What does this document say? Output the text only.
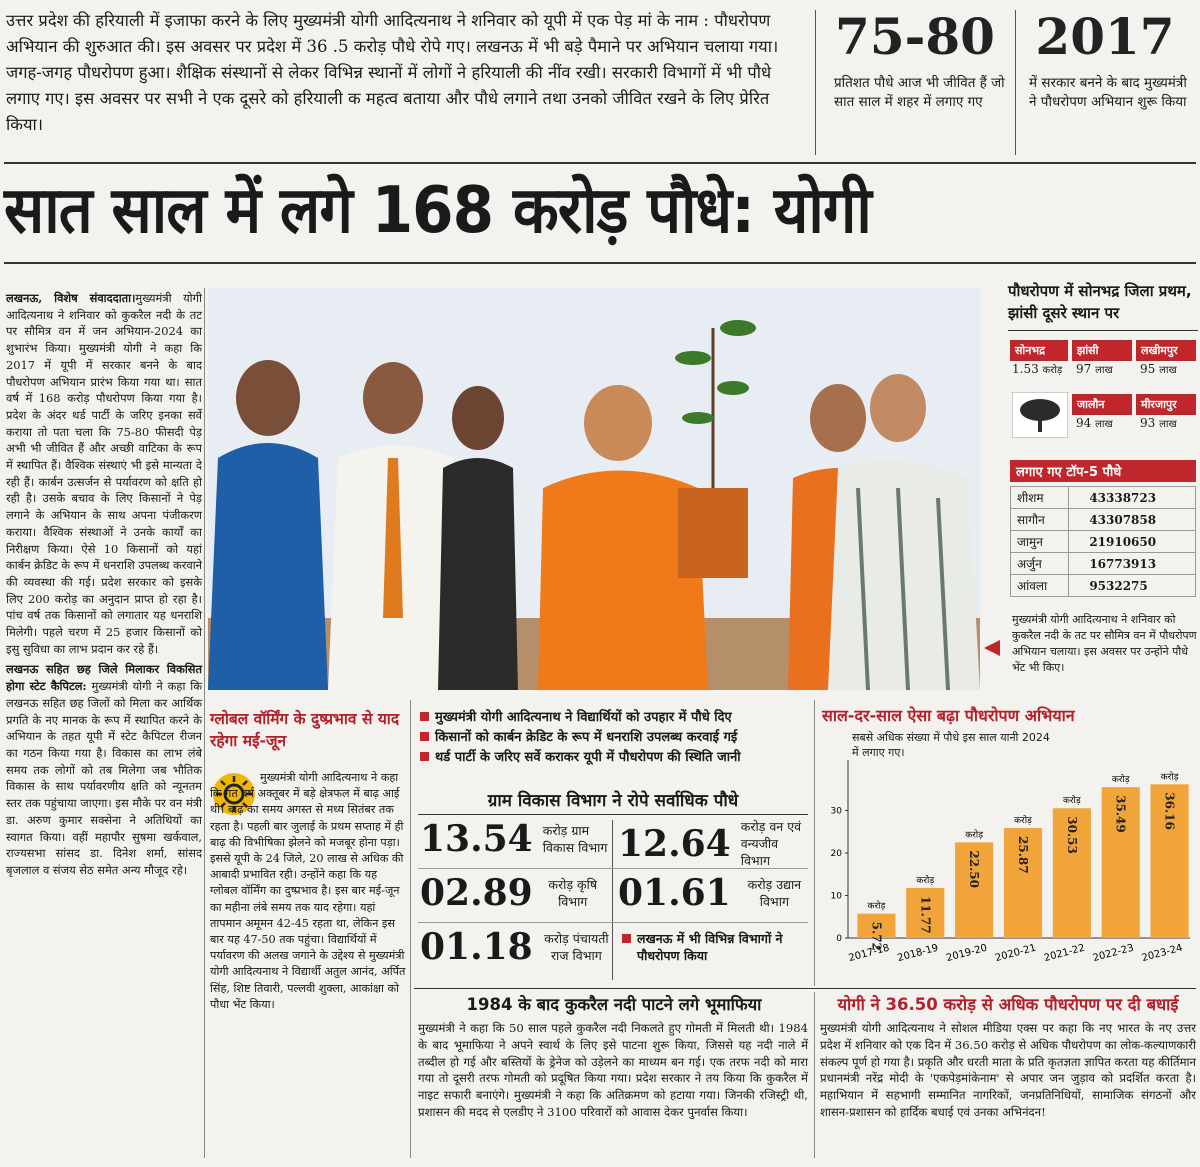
उत्तर प्रदेश की हरियाली में इजाफा करने के लिए मुख्यमंत्री योगी आदित्यनाथ ने शनिवार को यूपी में एक पेड़ मां के नाम : पौधरोपण अभियान की शुरुआत की। इस अवसर पर प्रदेश में 36 .5 करोड़ पौधे रोपे गए। लखनऊ में भी बड़े पैमाने पर अभियान चलाया गया। जगह-जगह पौधरोपण हुआ। शैक्षिक संस्थानों से लेकर विभिन्न स्थानों में लोगों ने हरियाली की नींव रखी। सरकारी विभागों में भी पौधे लगाए गए। इस अवसर पर सभी ने एक दूसरे को हरियाली क महत्व बताया और पौधे लगाने तथा उनको जीवित रखने के लिए प्रेरित किया।
75-80
प्रतिशत पौधे आज भी जीवित हैं जो सात साल में शहर में लगाए गए
2017
में सरकार बनने के बाद मुख्यमंत्री ने पौधरोपण अभियान शुरू किया
सात साल में लगे 168 करोड़ पौधे: योगी

लखनऊ, विशेष संवाददाता।मुख्यमंत्री योगी आदित्यनाथ ने शनिवार को कुकरैल नदी के तट पर सौमित्र वन में जन अभियान-2024 का शुभारंभ किया। मुख्यमंत्री योगी ने कहा कि 2017 में यूपी में सरकार बनने के बाद पौधरोपण अभियान प्रारंभ किया गया था। सात वर्ष में 168 करोड़ पौधरोपण किया गया है। प्रदेश के अंदर थर्ड पार्टी के जरिए इनका सर्वे कराया तो पता चला कि 75-80 फीसदी पेड़ अभी भी जीवित हैं और अच्छी वाटिका के रूप में स्थापित हैं। वैश्विक संस्थाएं भी इसे मान्यता दे रही हैं। कार्बन उत्सर्जन से पर्यावरण को क्षति हो रही है। उसके बचाव के लिए किसानों ने पेड़ लगाने के अभियान के साथ अपना पंजीकरण कराया। वैश्विक संस्थाओं ने उनके कार्यों का निरीक्षण किया। ऐसे 10 किसानों को यहां कार्बन क्रेडिट के रूप में धनराशि उपलब्ध करवाने की व्यवस्था की गई। प्रदेश सरकार को इसके लिए 200 करोड़ का अनुदान प्राप्त हो रहा है। पांच वर्ष तक किसानों को लगातार यह धनराशि मिलेगी। पहले चरण में 25 हजार किसानों को इसु सुविधा का लाभ प्रदान कर रहे हैं।

लखनऊ सहित छह जिले मिलाकर विकसित होगा स्टेट कैपिटल: मुख्यमंत्री योगी ने कहा कि लखनऊ सहित छह जिलों को मिला कर आर्थिक प्रगति के नए मानक के रूप में स्थापित करने के अभियान के तहत यूपी में स्टेट कैपिटल रीजन का गठन किया गया है। विकास का लाभ लंबे समय तक लोगों को तब मिलेगा जब भौतिक विकास के साथ पर्यावरणीय क्षति को न्यूनतम स्तर तक पहुंचाया जाएगा। इस मौके पर वन मंत्री डा. अरुण कुमार सक्सेना ने अतिथियों का स्वागत किया। वहीं महापौर सुषमा खर्कवाल, राज्यसभा सांसद डा. दिनेश शर्मा, सांसद बृजलाल व संजय सेठ समेत अन्य मौजूद रहे।

पौधरोपण में सोनभद्र जिला प्रथम, झांसी दूसरे स्थान पर
सोनभद्र
1.53 करोड़
झांसी
97 लाख
लखीमपुर
95 लाख
जालौन
94 लाख
मीरजापुर
93 लाख
लगाए गए टॉप-5 पौधे
शीशम	43338723
सागौन	43307858
जामुन	21910650
अर्जुन	16773913
आंवला	9532275
मुख्यमंत्री योगी आदित्यनाथ ने शनिवार को कुकरैल नदी के तट पर सौमित्र वन में पौधरोपण अभियान चलाया। इस अवसर पर उन्होंने पौधे भेंट भी किए।
ग्लोबल वॉर्मिंग के दुष्प्रभाव से याद रहेगा मई-जून
मुख्यमंत्री योगी आदित्यनाथ ने कहा कि गत वर्ष अक्तूबर में बड़े क्षेत्रफल में बाढ़ आई थी। बाढ़ का समय अगस्त से मध्य सितंबर तक रहता है। पहली बार जुलाई के प्रथम सप्ताह में ही बाढ़ की विभीषिका झेलने को मजबूर होना पड़ा। इससे यूपी के 24 जिले, 20 लाख से अधिक की आबादी प्रभावित रही। उन्होंने कहा कि यह ग्लोबल वॉर्मिंग का दुष्प्रभाव है। इस बार मई-जून का महीना लंबे समय तक याद रहेगा। यहां तापमान अमूमन 42-45 रहता था, लेकिन इस बार यह 47-50 तक पहुंचा। विद्यार्थियों में पर्यावरण की अलख जगाने के उद्देश्य से मुख्यमंत्री योगी आदित्यनाथ ने विद्यार्थी अतुल आनंद, अर्पित सिंह, शिष्ट तिवारी, पल्लवी शुक्ला, आकांक्षा को पौधा भेंट किया।
मुख्यमंत्री योगी आदित्यनाथ ने विद्यार्थियों को उपहार में पौधे दिए
किसानों को कार्बन क्रेडिट के रूप में धनराशि उपलब्ध करवाई गई
थर्ड पार्टी के जरिए सर्वे कराकर यूपी में पौधरोपण की स्थिति जानी
ग्राम विकास विभाग ने रोपे सर्वाधिक पौधे
13.54 करोड़ ग्राम विकास विभाग 12.64 करोड़ वन एवं वन्यजीव विभाग
02.89	करोड़ कृषि विभाग 01.61	करोड़ उद्यान विभाग
01.18 करोड़ पंचायती राज विभाग
लखनऊ में भी विभिन्न विभागों ने पौधरोपण किया
साल-दर-साल ऐसा बढ़ा पौधरोपण अभियान
सबसे अधिक संख्या में पौधे इस साल यानी 2024 में लगाए गए।
0
10
20
30
5.72
करोड़
2017-18
11.77
करोड़
2018-19
22.50
करोड़
2019-20
25.87
करोड़
2020-21
30.53
करोड़
2021-22
35.49
करोड़
2022-23
36.16
करोड़
2023-24
1984 के बाद कुकरैल नदी पाटने लगे भूमाफिया
मुख्यमंत्री ने कहा कि 50 साल पहले कुकरैल नदी निकलते हुए गोमती में मिलती थी। 1984 के बाद भूमाफिया ने अपने स्वार्थ के लिए इसे पाटना शुरू किया, जिससे यह नदी नाले में तब्दील हो गई और बस्तियों के ड्रेनेज को उड़ेलने का माध्यम बन गई। एक तरफ नदी को मारा गया तो दूसरी तरफ गोमती को प्रदूषित किया गया। प्रदेश सरकार ने तय किया कि कुकरैल में नाइट सफारी बनाएंगे। मुख्यमंत्री ने कहा कि अतिक्रमण को हटाया गया। जिनकी रजिस्ट्री थी, प्रशासन की मदद से एलडीए ने 3100 परिवारों को आवास देकर पुनर्वास किया।
योगी ने 36.50 करोड़ से अधिक पौधरोपण पर दी बधाई
मुख्यमंत्री योगी आदित्यनाथ ने सोशल मीडिया एक्स पर कहा कि नए भारत के नए उत्तर प्रदेश में शनिवार को एक दिन में 36.50 करोड़ से अधिक पौधरोपण का लोक-कल्याणकारी संकल्प पूर्ण हो गया है। प्रकृति और धरती माता के प्रति कृतज्ञता ज्ञापित करता यह कीर्तिमान प्रधानमंत्री नरेंद्र मोदी के 'एकपेड़मांकेनाम' से अपार जन जुड़ाव को प्रदर्शित करता है। महाभियान में सहभागी सम्मानित नागरिकों, जनप्रतिनिधियों, सामाजिक संगठनों और शासन-प्रशासन को हार्दिक बधाई एवं उनका अभिनंदन!
